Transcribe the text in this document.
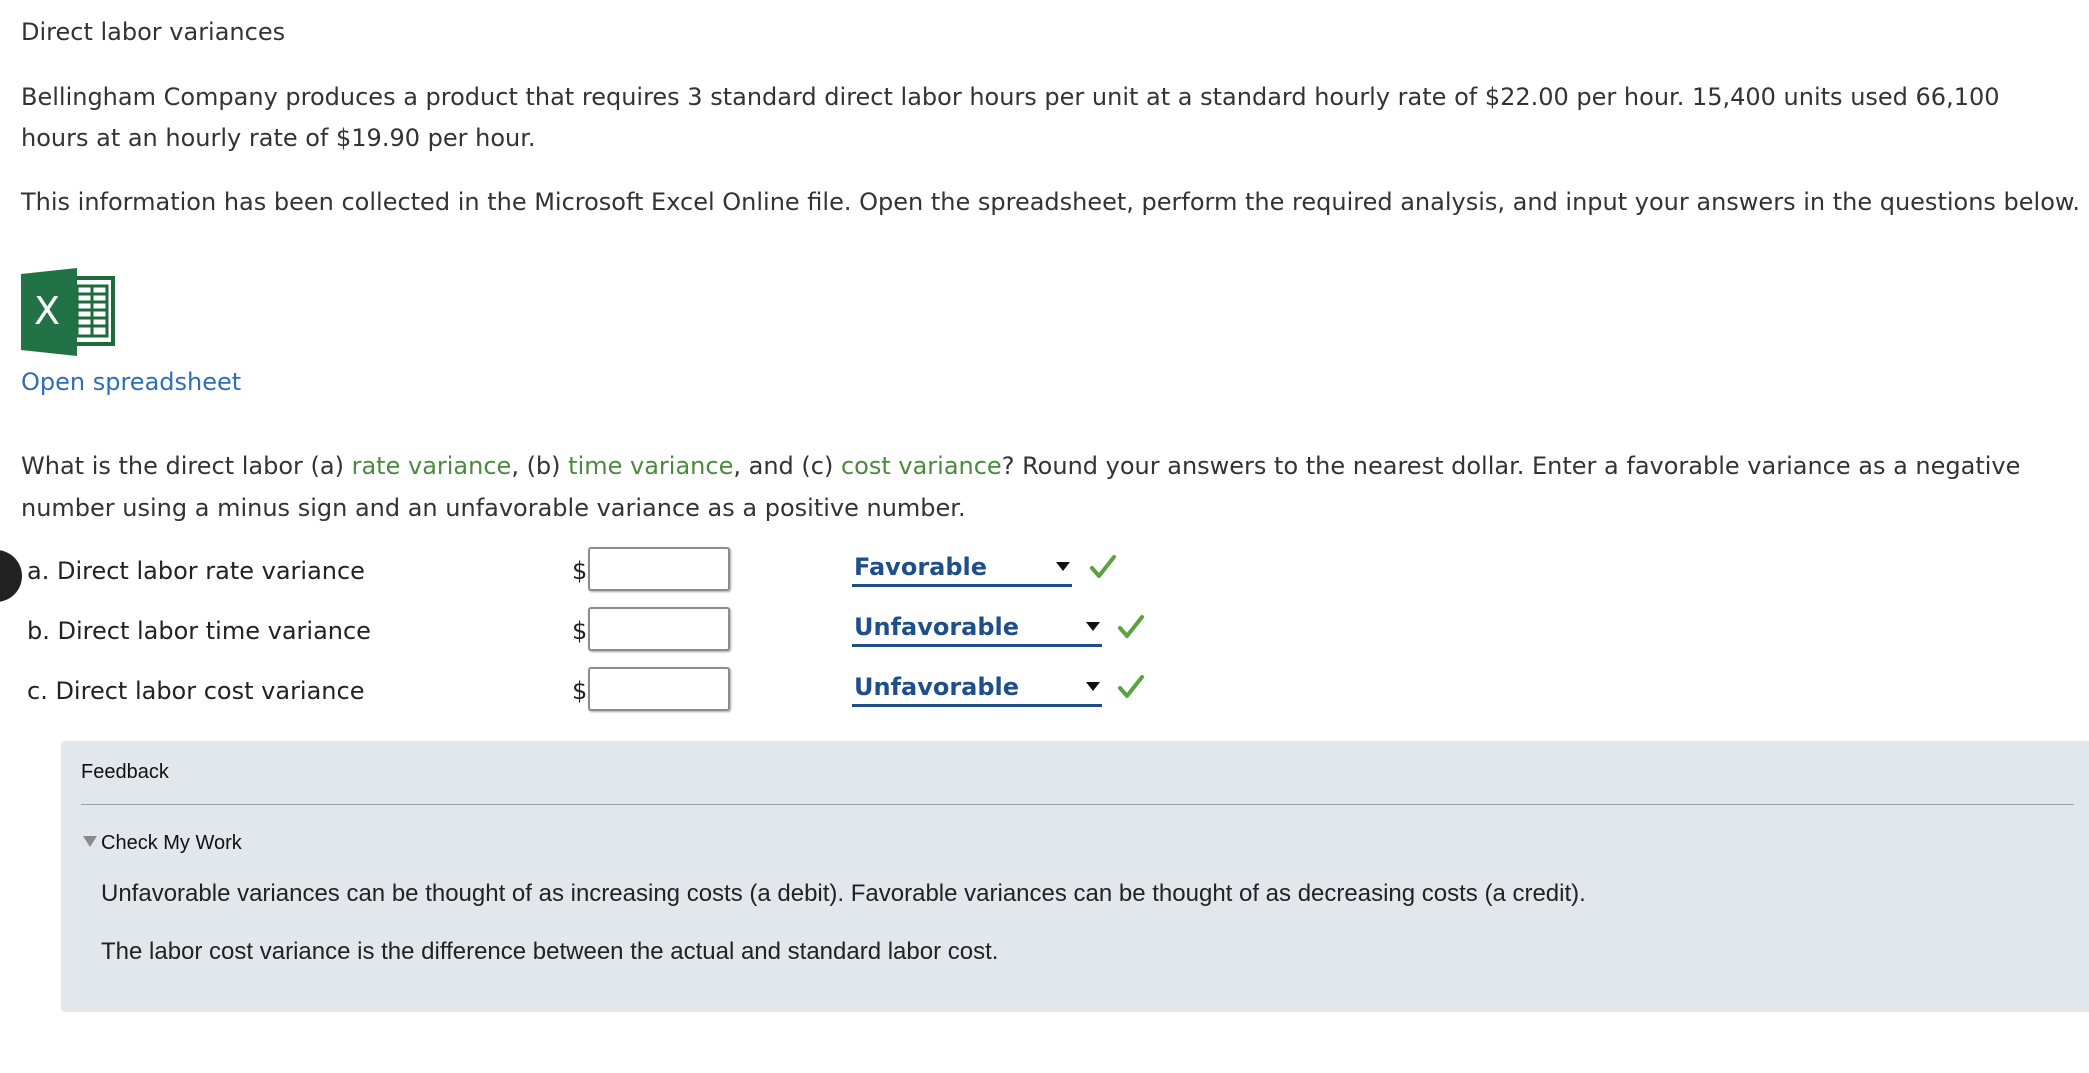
Direct labor variances
Bellingham Company produces a product that requires 3 standard direct labor hours per unit at a standard hourly rate of $22.00 per hour. 15,400 units used 66,100
hours at an hourly rate of $19.90 per hour.
This information has been collected in the Microsoft Excel Online file. Open the spreadsheet, perform the required analysis, and input your answers in the questions below.
X
Open spreadsheet
What is the direct labor (a) rate variance, (b) time variance, and (c) cost variance? Round your answers to the nearest dollar. Enter a favorable variance as a negative
number using a minus sign and an unfavorable variance as a positive number.
a. Direct labor rate variance	$	Favorable
b. Direct labor time variance	$	Unfavorable
c. Direct labor cost variance	$	Unfavorable
Feedback
Check My Work
Unfavorable variances can be thought of as increasing costs (a debit). Favorable variances can be thought of as decreasing costs (a credit).
The labor cost variance is the difference between the actual and standard labor cost.
